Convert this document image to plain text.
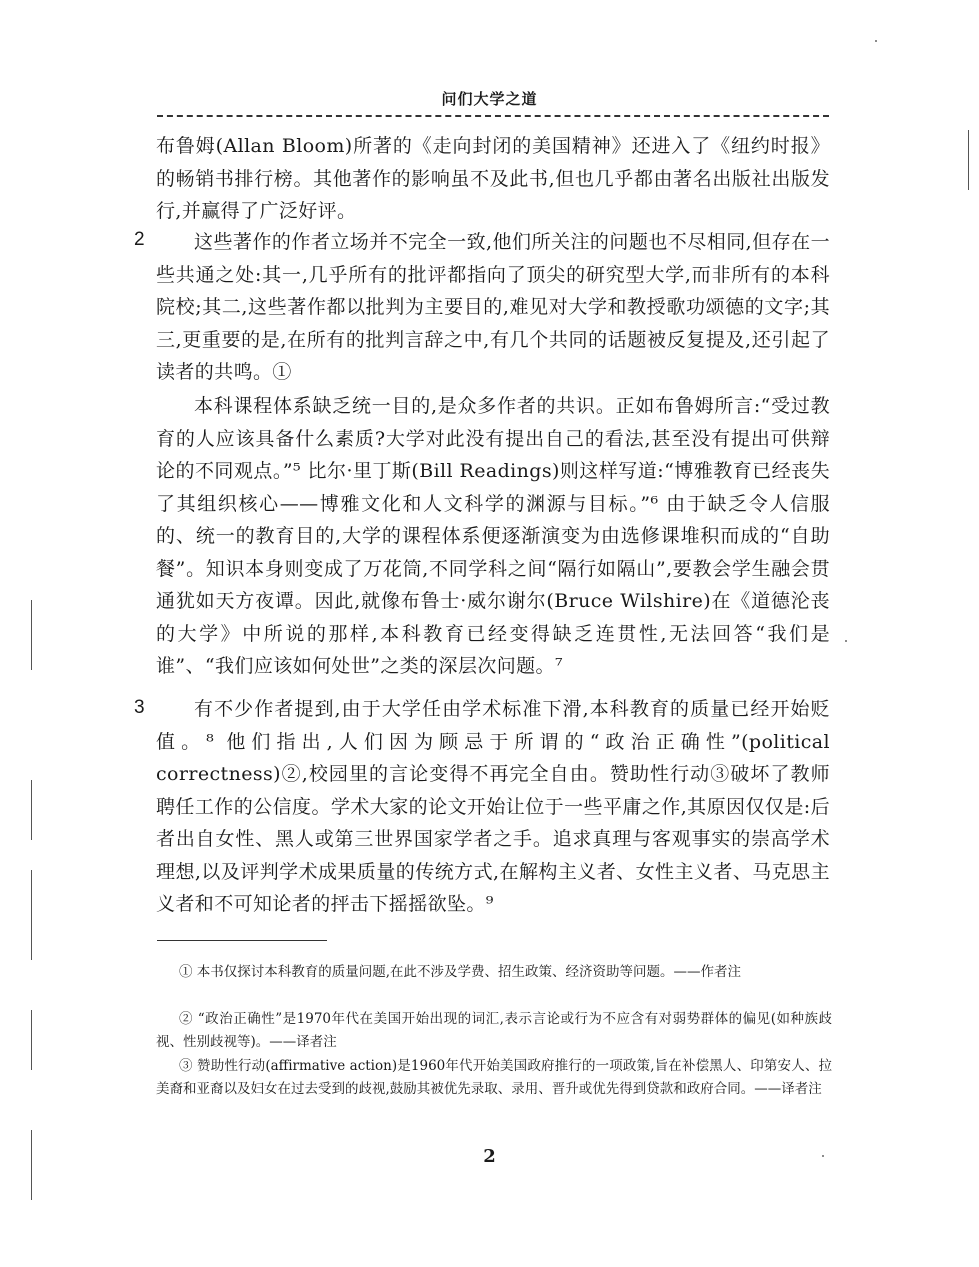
问们大学之道

布鲁姆(Allan Bloom)所著的《走向封闭的美国精神》还进入了《纽约时报》的畅销书排行榜。其他著作的影响虽不及此书,但也几乎都由著名出版社出版发行,并赢得了广泛好评。

2	这些著作的作者立场并不完全一致,他们所关注的问题也不尽相同,但存在一些共通之处:其一,几乎所有的批评都指向了顶尖的研究型大学,而非所有的本科院校;其二,这些著作都以批判为主要目的,难见对大学和教授歌功颂德的文字;其三,更重要的是,在所有的批判言辞之中,有几个共同的话题被反复提及,还引起了读者的共鸣。①

本科课程体系缺乏统一目的,是众多作者的共识。正如布鲁姆所言:“受过教育的人应该具备什么素质?大学对此没有提出自己的看法,甚至没有提出可供辩论的不同观点。”⁵ 比尔·里丁斯(Bill Readings)则这样写道:“博雅教育已经丧失了其组织核心——博雅文化和人文科学的渊源与目标。”⁶ 由于缺乏令人信服的、统一的教育目的,大学的课程体系便逐渐演变为由选修课堆积而成的“自助餐”。知识本身则变成了万花筒,不同学科之间“隔行如隔山”,要教会学生融会贯通犹如天方夜谭。因此,就像布鲁士·威尔谢尔(Bruce Wilshire)在《道德沦丧的大学》中所说的那样,本科教育已经变得缺乏连贯性,无法回答“我们是谁”、“我们应该如何处世”之类的深层次问题。⁷

3	有不少作者提到,由于大学任由学术标准下滑,本科教育的质量已经开始贬值。⁸ 他们指出,人们因为顾忌于所谓的“政治正确性”(political correctness)②,校园里的言论变得不再完全自由。赞助性行动③破坏了教师聘任工作的公信度。学术大家的论文开始让位于一些平庸之作,其原因仅仅是:后者出自女性、黑人或第三世界国家学者之手。追求真理与客观事实的崇高学术理想,以及评判学术成果质量的传统方式,在解构主义者、女性主义者、马克思主义者和不可知论者的抨击下摇摇欲坠。⁹

① 本书仅探讨本科教育的质量问题,在此不涉及学费、招生政策、经济资助等问题。——作者注

② “政治正确性”是1970年代在美国开始出现的词汇,表示言论或行为不应含有对弱势群体的偏见(如种族歧视、性别歧视等)。——译者注

③ 赞助性行动(affirmative action)是1960年代开始美国政府推行的一项政策,旨在补偿黑人、印第安人、拉美裔和亚裔以及妇女在过去受到的歧视,鼓励其被优先录取、录用、晋升或优先得到贷款和政府合同。——译者注

2
